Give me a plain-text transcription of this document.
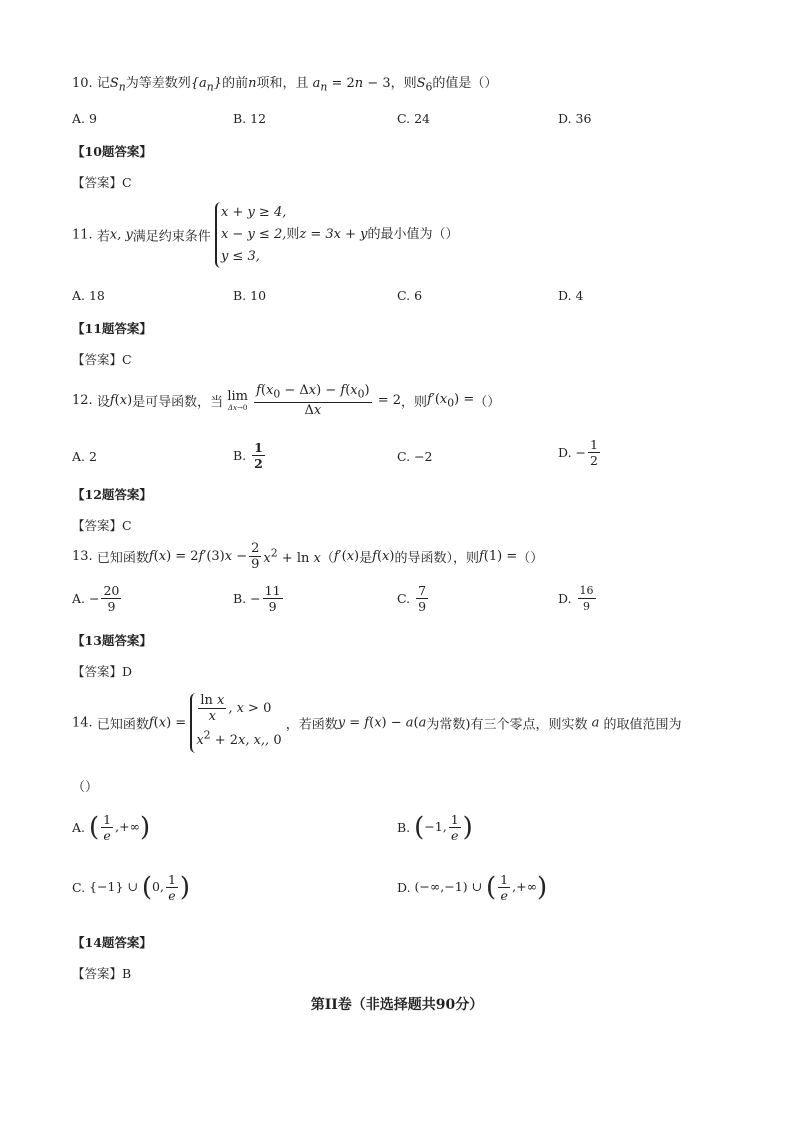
10. 记$S_n$为等差数列$\{a_n\}$的前n项和，且 $a_n = 2n - 3$，则$S_6$的值是（）
A. 9	B. 12	C. 24	D. 36
【10题答案】
【答案】C
11. 若x, y满足约束条件 x + y ≥ 4,
x − y ≤ 2,则z = 3x + y的最小值为（）
y ≤ 3,
A. 18	B. 10	C. 6	D. 4
【11题答案】
【答案】C
12. 设f(x)是可导函数，当 lim
Δx→0
$\frac{f(x_0 - \Delta x) - f(x_0)}{\Delta x} = 2$，则$f'(x_0)$ =（）
A. 2	B. $\frac{1}{2}$	C. −2	D. − $\frac{1}{2}$
【12题答案】
【答案】C
13. 已知函数$f(x) = 2f'(3)x - \frac{2}{9} x^2 + \ln x(f'(x)$是f(x)的导函数），则f(1) =（）
A. − $\frac{20}{9}$	B. − $\frac{11}{9}$	C. $\frac{7}{9}$	D. $\frac{16}{9}$
【13题答案】
【答案】D
14. 已知函数$f(x) = \frac{\text{ln x}}{x}$ , x > 0
$x^2 + 2x$, x,, 0 ，若函数y = f(x) − a(a为常数)有三个零点，则实数 a 的取值范围为
（）
A. ( $\frac{1}{e}$ ,+∞)	B. (−1, $\frac{1}{e}$ )
C. {−1} ∪ (0, $\frac{1}{e}$ )	D. (−∞,−1) ∪ ( $\frac{1}{e}$ ,+∞)
【14题答案】
【答案】B
第II卷（非选择题共90分）
